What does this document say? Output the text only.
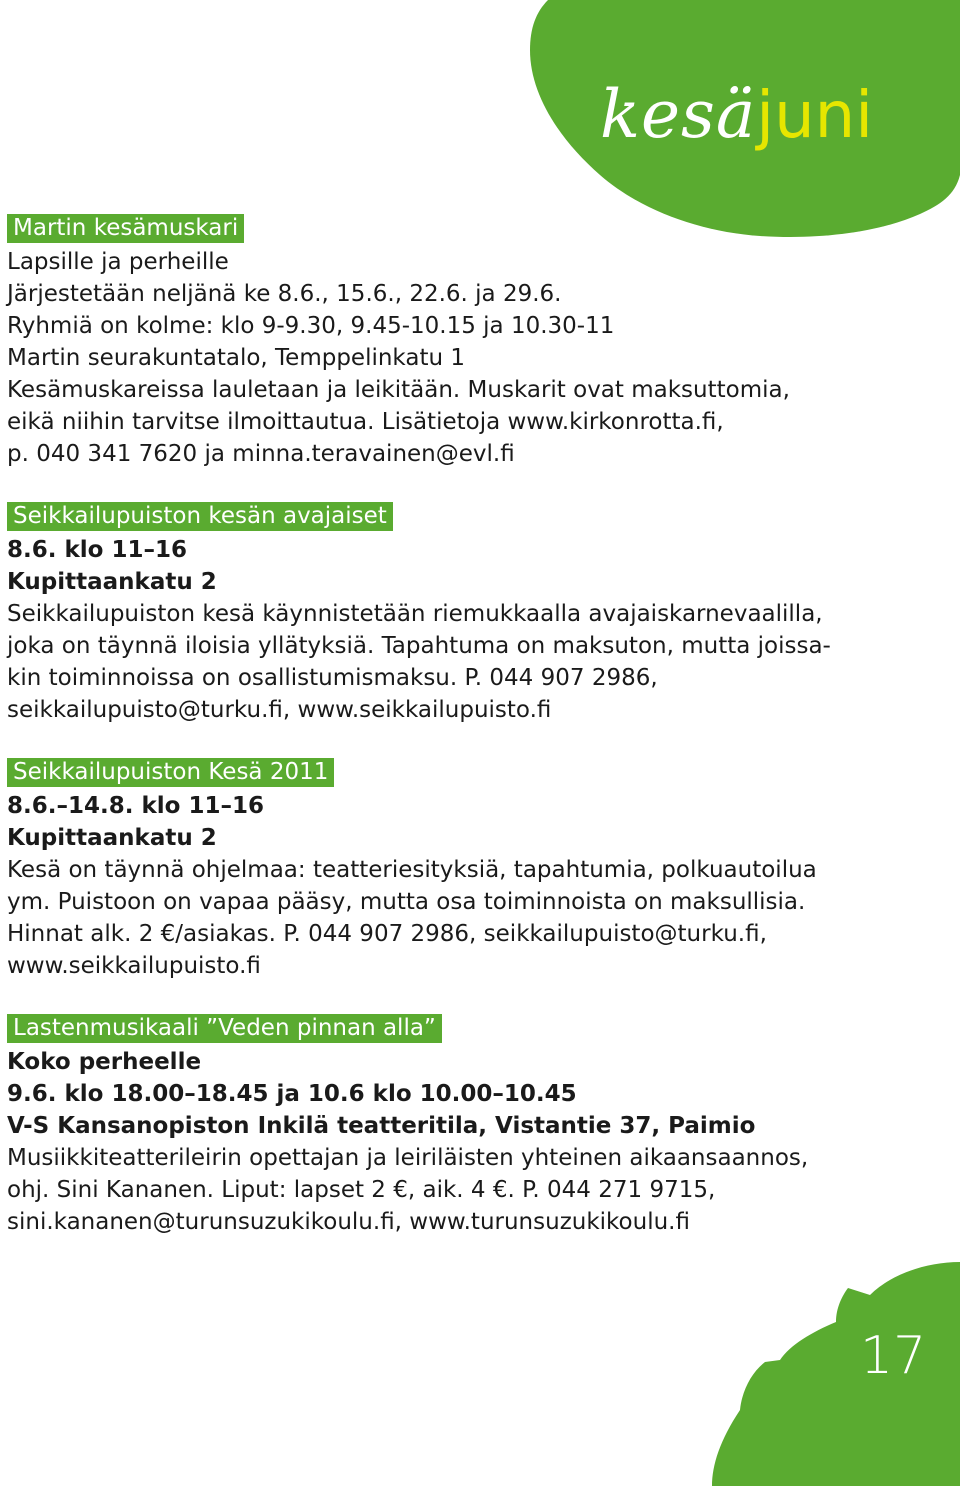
kesäjuni
17
Martin kesämuskari
Lapsille ja perheille
Järjestetään neljänä ke 8.6., 15.6., 22.6. ja 29.6.
Ryhmiä on kolme: klo 9-9.30, 9.45-10.15 ja 10.30-11
Martin seurakuntatalo, Temppelinkatu 1
Kesämuskareissa lauletaan ja leikitään. Muskarit ovat maksuttomia,
eikä niihin tarvitse ilmoittautua. Lisätietoja www.kirkonrotta.fi,
p. 040 341 7620 ja minna.teravainen@evl.fi
Seikkailupuiston kesän avajaiset
8.6. klo 11–16
Kupittaankatu 2
Seikkailupuiston kesä käynnistetään riemukkaalla avajaiskarnevaalilla,
joka on täynnä iloisia yllätyksiä. Tapahtuma on maksuton, mutta joissa-
kin toiminnoissa on osallistumismaksu. P. 044 907 2986,
seikkailupuisto@turku.fi, www.seikkailupuisto.fi
Seikkailupuiston Kesä 2011
8.6.–14.8. klo 11–16
Kupittaankatu 2
Kesä on täynnä ohjelmaa: teatteriesityksiä, tapahtumia, polkuautoilua
ym. Puistoon on vapaa pääsy, mutta osa toiminnoista on maksullisia.
Hinnat alk. 2 €/asiakas. P. 044 907 2986, seikkailupuisto@turku.fi,
www.seikkailupuisto.fi
Lastenmusikaali ”Veden pinnan alla”
Koko perheelle
9.6. klo 18.00–18.45 ja 10.6 klo 10.00–10.45
V-S Kansanopiston Inkilä teatteritila, Vistantie 37, Paimio
Musiikkiteatterileirin opettajan ja leiriläisten yhteinen aikaansaannos,
ohj. Sini Kananen. Liput: lapset 2 €, aik. 4 €. P. 044 271 9715,
sini.kananen@turunsuzukikoulu.fi, www.turunsuzukikoulu.fi
